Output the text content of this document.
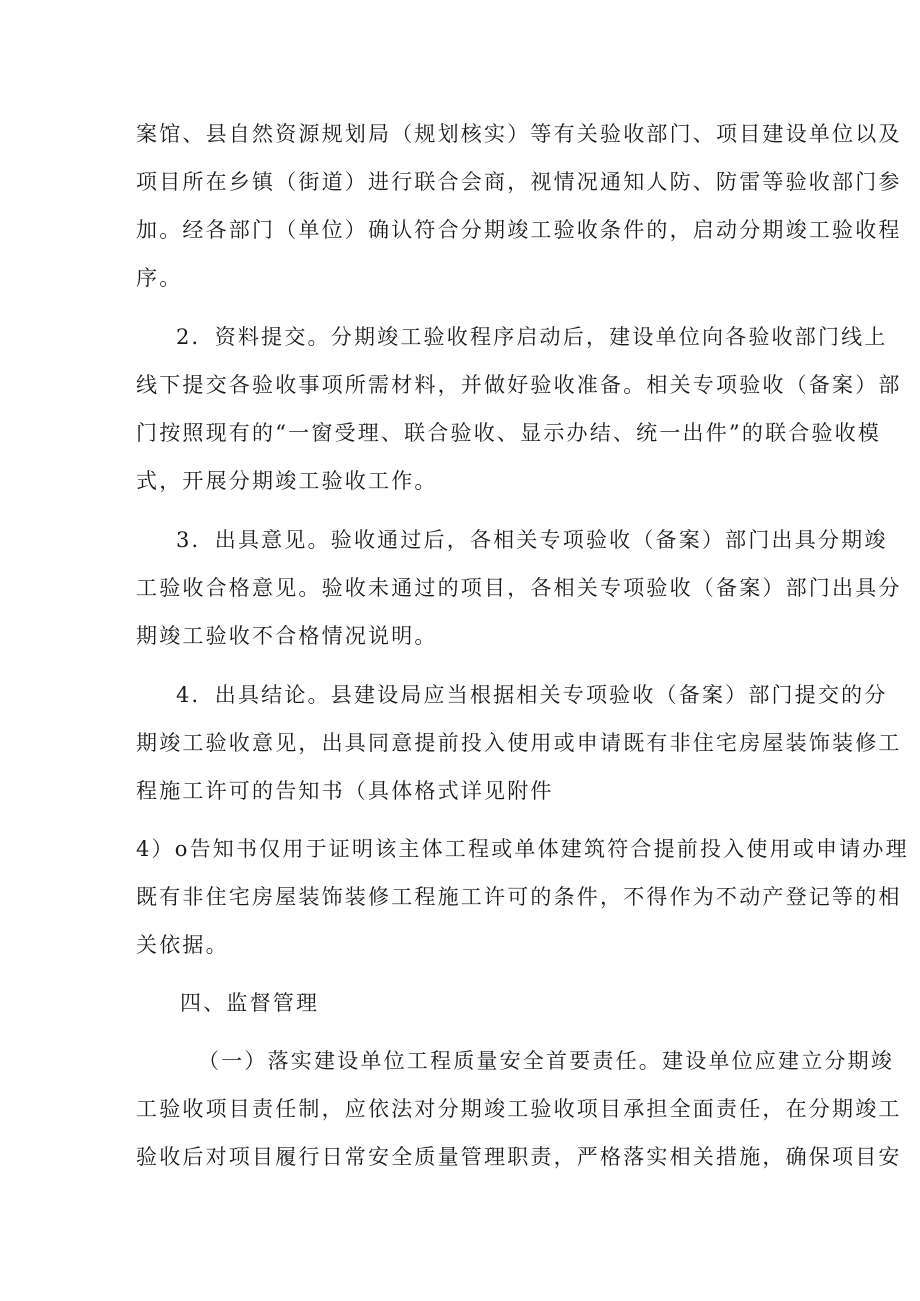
案馆、县自然资源规划局（规划核实）等有关验收部门、项目建设单位以及
项目所在乡镇（街道）进行联合会商，视情况通知人防、防雷等验收部门参
加。经各部门（单位）确认符合分期竣工验收条件的，启动分期竣工验收程
序。
2．资料提交。分期竣工验收程序启动后，建设单位向各验收部门线上
线下提交各验收事项所需材料，并做好验收准备。相关专项验收（备案）部
门按照现有的“一窗受理、联合验收、显示办结、统一出件”的联合验收模
式，开展分期竣工验收工作。
3．出具意见。验收通过后，各相关专项验收（备案）部门出具分期竣
工验收合格意见。验收未通过的项目，各相关专项验收（备案）部门出具分
期竣工验收不合格情况说明。
4．出具结论。县建设局应当根据相关专项验收（备案）部门提交的分
期竣工验收意见，出具同意提前投入使用或申请既有非住宅房屋装饰装修工
程施工许可的告知书（具体格式详见附件
4）o告知书仅用于证明该主体工程或单体建筑符合提前投入使用或申请办理
既有非住宅房屋装饰装修工程施工许可的条件，不得作为不动产登记等的相
关依据。
四、监督管理
（一）落实建设单位工程质量安全首要责任。建设单位应建立分期竣
工验收项目责任制，应依法对分期竣工验收项目承担全面责任，在分期竣工
验收后对项目履行日常安全质量管理职责，严格落实相关措施，确保项目安
